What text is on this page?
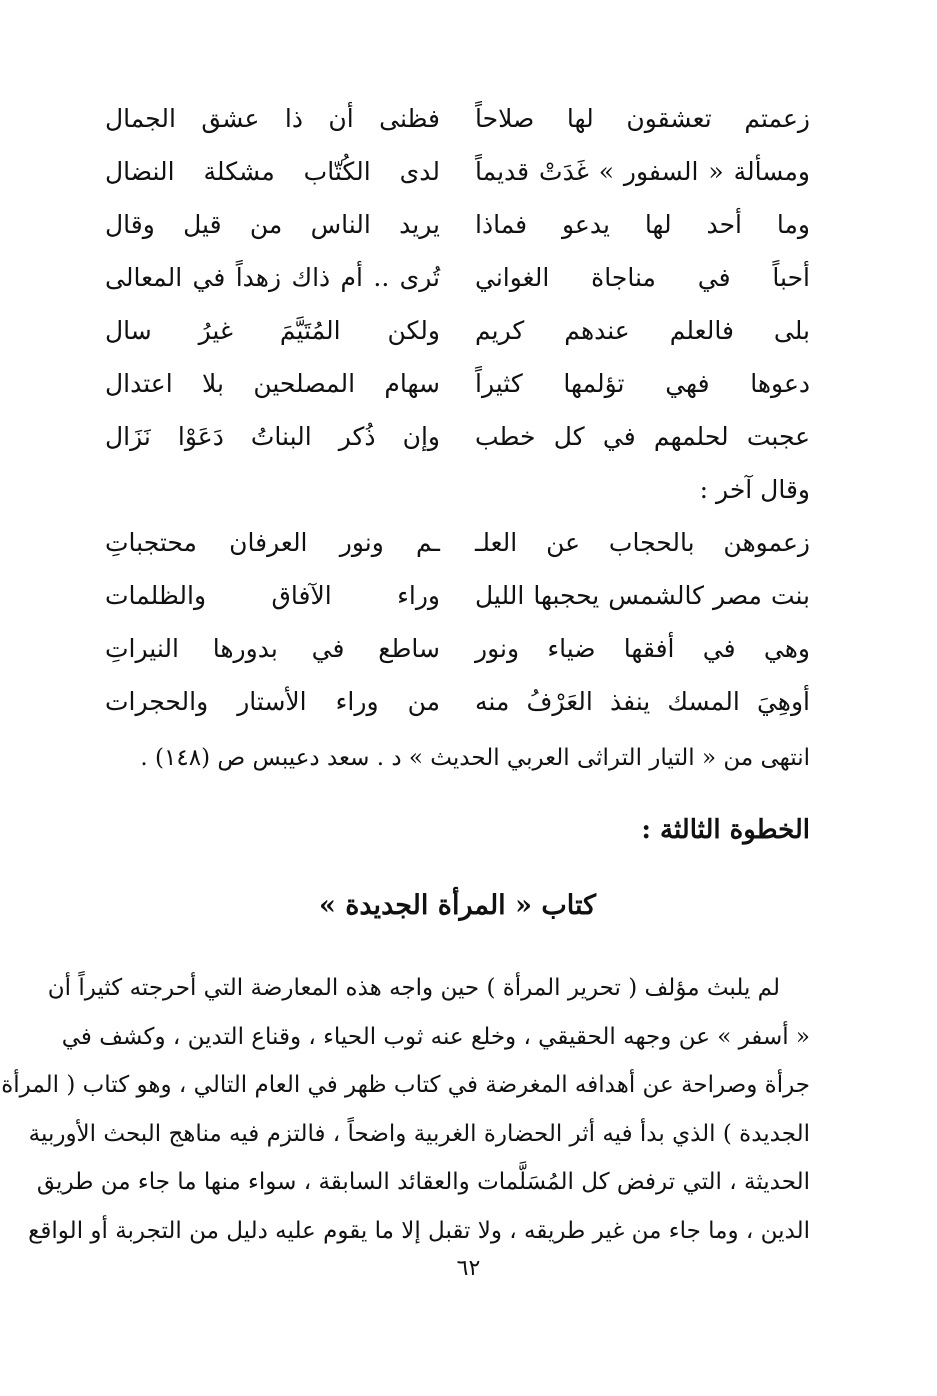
زعمتم تعشقون لها صلاحاً
فظنى أن ذا عشق الجمال
ومسألة « السفور » غَدَتْ قديماً
لدى الكُتّاب مشكلة النضال
وما أحد لها يدعو فماذا
يريد الناس من قيل وقال
أحباً في مناجاة الغواني
تُرى .. أم ذاك زهداً في المعالى
بلى فالعلم عندهم كريم
ولكن المُتَيَّمَ غيرُ سال
دعوها فهي تؤلمها كثيراً
سهام المصلحين بلا اعتدال
عجبت لحلمهم في كل خطب
وإن ذُكر البناتُ دَعَوْا نَزَال
وقال آخر :
زعموهن بالحجاب عن العلـ
ـم ونور العرفان محتجباتِ
بنت مصر كالشمس يحجبها الليل
وراء الآفاق والظلمات
وهي في أفقها ضياء ونور
ساطع في بدورها النيراتِ
أوهِيَ المسك ينفذ العَرْفُ منه
من وراء الأستار والحجرات
انتهى من « التيار التراثى العربي الحديث » د . سعد دعيبس ص (١٤٨) .
الخطوة الثالثة :
كتاب « المرأة الجديدة »

لم يلبث مؤلف ( تحرير المرأة ) حين واجه هذه المعارضة التي أحرجته كثيراً أن

« أسفر » عن وجهه الحقيقي ، وخلع عنه ثوب الحياء ، وقناع التدين ، وكشف في

جرأة وصراحة عن أهدافه المغرضة في كتاب ظهر في العام التالي ، وهو كتاب ( المرأة

الجديدة ) الذي بدأ فيه أثر الحضارة الغربية واضحاً ، فالتزم فيه مناهج البحث الأوربية

الحديثة ، التي ترفض كل المُسَلَّمات والعقائد السابقة ، سواء منها ما جاء من طريق

الدين ، وما جاء من غير طريقه ، ولا تقبل إلا ما يقوم عليه دليل من التجربة أو الواقع

٦٢
